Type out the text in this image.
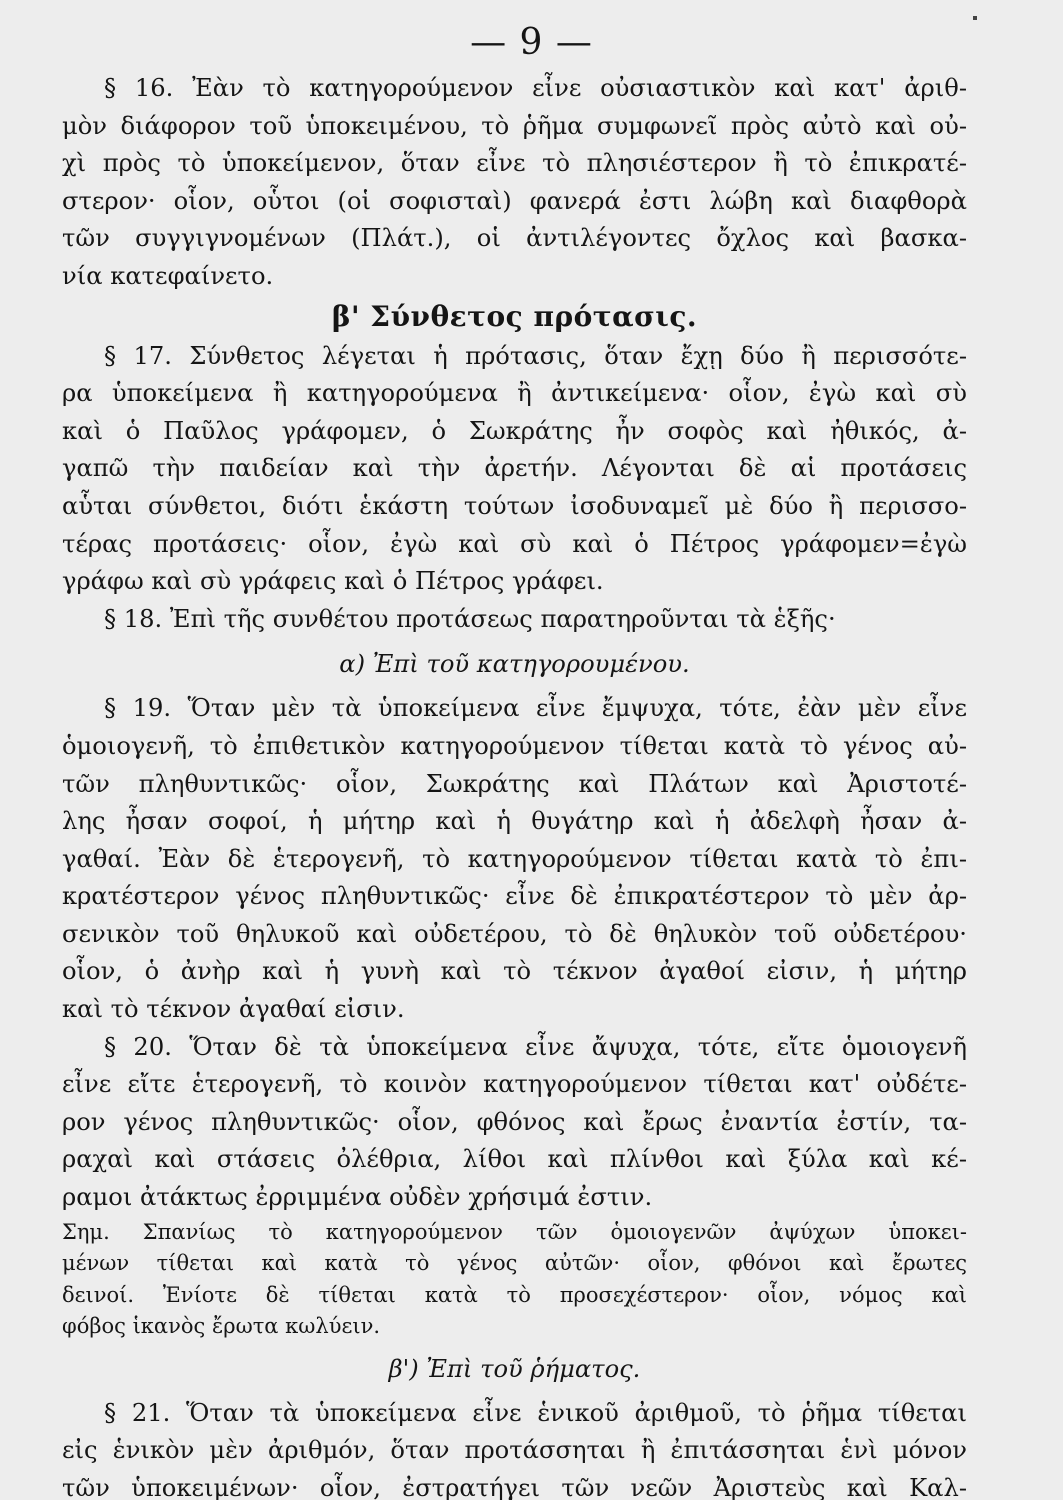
— 9 —
§ 16. Ἐὰν τὸ κατηγορούμενον εἶνε οὐσιαστικὸν καὶ κατ' ἀριθ-
μὸν διάφορον τοῦ ὑποκειμένου, τὸ ῥῆμα συμφωνεῖ πρὸς αὐτὸ καὶ οὐ-
χὶ πρὸς τὸ ὑποκείμενον, ὅταν εἶνε τὸ πλησιέστερον ἢ τὸ ἐπικρατέ-
στερον· οἷον, οὗτοι (οἱ σοφισταὶ) φανερά ἐστι λώβη καὶ διαφθορὰ
τῶν συγγιγνομένων (Πλάτ.), οἱ ἀντιλέγοντες ὄχλος καὶ βασκα-
νία κατεφαίνετο.
β' Σύνθετος πρότασις.
§ 17. Σύνθετος λέγεται ἡ πρότασις, ὅταν ἔχῃ δύο ἢ περισσότε-
ρα ὑποκείμενα ἢ κατηγορούμενα ἢ ἀντικείμενα· οἷον, ἐγὼ καὶ σὺ
καὶ ὁ Παῦλος γράφομεν, ὁ Σωκράτης ἦν σοφὸς καὶ ἠθικός, ἀ-
γαπῶ τὴν παιδείαν καὶ τὴν ἀρετήν. Λέγονται δὲ αἱ προτάσεις
αὗται σύνθετοι, διότι ἑκάστη τούτων ἰσοδυναμεῖ μὲ δύο ἢ περισσο-
τέρας προτάσεις· οἷον, ἐγὼ καὶ σὺ καὶ ὁ Πέτρος γράφομεν=ἐγὼ
γράφω καὶ σὺ γράφεις καὶ ὁ Πέτρος γράφει.
§ 18. Ἐπὶ τῆς συνθέτου προτάσεως παρατηροῦνται τὰ ἑξῆς·
α) Ἐπὶ τοῦ κατηγορουμένου.
§ 19. Ὅταν μὲν τὰ ὑποκείμενα εἶνε ἔμψυχα, τότε, ἐὰν μὲν εἶνε
ὁμοιογενῆ, τὸ ἐπιθετικὸν κατηγορούμενον τίθεται κατὰ τὸ γένος αὐ-
τῶν πληθυντικῶς· οἷον, Σωκράτης καὶ Πλάτων καὶ Ἀριστοτέ-
λης ἦσαν σοφοί, ἡ μήτηρ καὶ ἡ θυγάτηρ καὶ ἡ ἀδελφὴ ἦσαν ἀ-
γαθαί. Ἐὰν δὲ ἑτερογενῆ, τὸ κατηγορούμενον τίθεται κατὰ τὸ ἐπι-
κρατέστερον γένος πληθυντικῶς· εἶνε δὲ ἐπικρατέστερον τὸ μὲν ἀρ-
σενικὸν τοῦ θηλυκοῦ καὶ οὐδετέρου, τὸ δὲ θηλυκὸν τοῦ οὐδετέρου·
οἷον, ὁ ἀνὴρ καὶ ἡ γυνὴ καὶ τὸ τέκνον ἀγαθοί εἰσιν, ἡ μήτηρ
καὶ τὸ τέκνον ἀγαθαί εἰσιν.
§ 20. Ὅταν δὲ τὰ ὑποκείμενα εἶνε ἄψυχα, τότε, εἴτε ὁμοιογενῆ
εἶνε εἴτε ἑτερογενῆ, τὸ κοινὸν κατηγορούμενον τίθεται κατ' οὐδέτε-
ρον γένος πληθυντικῶς· οἷον, φθόνος καὶ ἔρως ἐναντία ἐστίν, τα-
ραχαὶ καὶ στάσεις ὀλέθρια, λίθοι καὶ πλίνθοι καὶ ξύλα καὶ κέ-
ραμοι ἀτάκτως ἐρριμμένα οὐδὲν χρήσιμά ἐστιν.
Σημ. Σπανίως τὸ κατηγορούμενον τῶν ὁμοιογενῶν ἀψύχων ὑποκει-
μένων τίθεται καὶ κατὰ τὸ γένος αὐτῶν· οἷον, φθόνοι καὶ ἔρωτες
δεινοί. Ἐνίοτε δὲ τίθεται κατὰ τὸ προσεχέστερον· οἷον, νόμος καὶ
φόβος ἱκανὸς ἔρωτα κωλύειν.
β') Ἐπὶ τοῦ ῥήματος.
§ 21. Ὅταν τὰ ὑποκείμενα εἶνε ἑνικοῦ ἀριθμοῦ, τὸ ῥῆμα τίθεται
εἰς ἑνικὸν μὲν ἀριθμόν, ὅταν προτάσσηται ἢ ἐπιτάσσηται ἑνὶ μόνον
τῶν ὑποκειμένων· οἷον, ἐστρατήγει τῶν νεῶν Ἀριστεὺς καὶ Καλ-
